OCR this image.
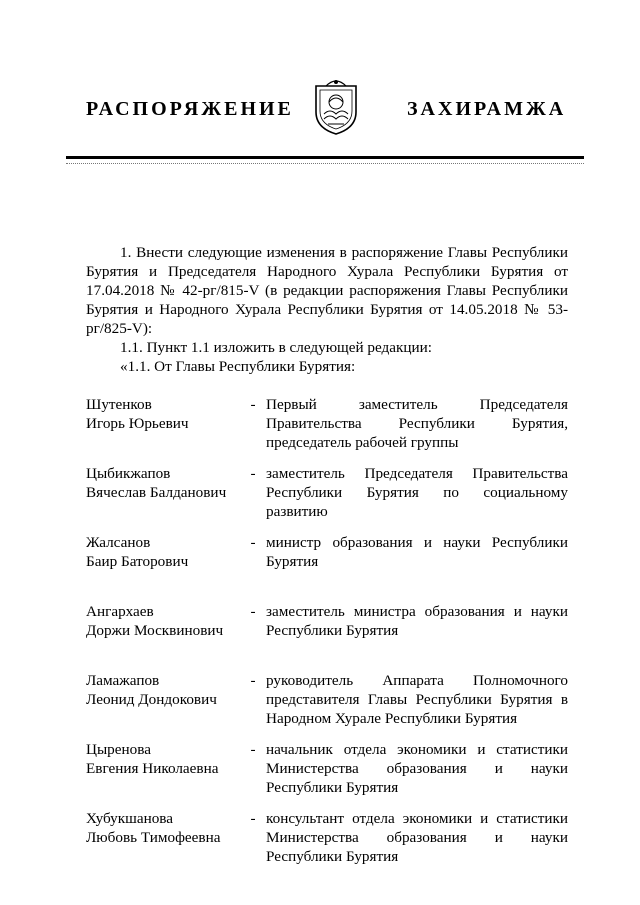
РАСПОРЯЖЕНИЕ	ЗАХИРАМЖА

1. Внести следующие изменения в распоряжение Главы Республики Бурятия и Председателя Народного Хурала Республики Бурятия от 17.04.2018 № 42-рг/815-V (в редакции распоряжения Главы Республики Бурятия и Народного Хурала Республики Бурятия от 14.05.2018 № 53-рг/825-V):

1.1. Пункт 1.1 изложить в следующей редакции:

«1.1. От Главы Республики Бурятия:

Шутенков
Игорь Юрьевич
- Первый заместитель Председателя Правительства Республики Бурятия, председатель рабочей группы
Цыбикжапов
Вячеслав Балданович
- заместитель Председателя Правительства Республики Бурятия по социальному развитию
Жалсанов
Баир Баторович
- министр образования и науки Республики Бурятия
Ангархаев
Доржи Москвинович
- заместитель министра образования и науки Республики Бурятия
Ламажапов
Леонид Дондокович
- руководитель Аппарата Полномочного представителя Главы Республики Бурятия в Народном Хурале Республики Бурятия
Цыренова
Евгения Николаевна
- начальник отдела экономики и статистики Министерства образования и науки Республики Бурятия
Хубукшанова
Любовь Тимофеевна
- консультант отдела экономики и статистики Министерства образования и науки Республики Бурятия
